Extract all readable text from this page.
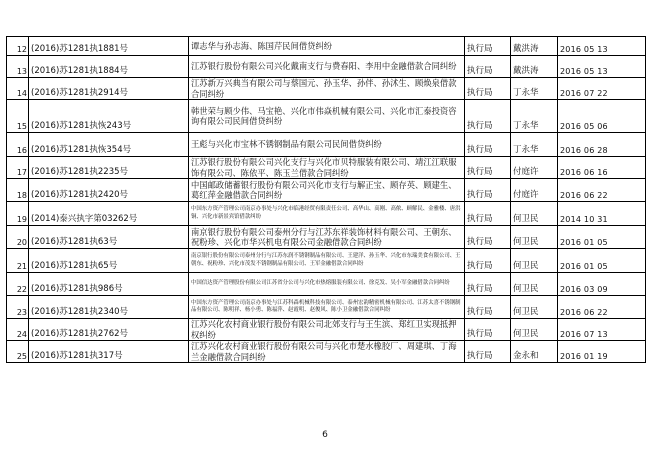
12	(2016)苏1281执1881号	谭志华与孙志海、陈国芹民间借贷纠纷	执行局	戴洪涛	2016 05 13
13	(2016)苏1281执1884号	江苏银行股份有限公司兴化戴南支行与费春阳、李用中金融借款合同纠纷	执行局	戴洪涛	2016 05 13
14	(2016)苏1281执2914号	江苏新万兴典当有限公司与蔡国元、孙玉华、孙伴、孙沭生、顾焕泉借款合同纠纷	执行局	丁永华	2016 07 22
15	(2016)苏1281执恢243号	韩世荣与顾少伟、马宝艳、兴化市伟焱机械有限公司、兴化市汇泰投资咨询有限公司民间借贷纠纷	执行局	丁永华	2016 05 06
16	(2016)苏1281执恢354号	王彪与兴化市宝林不锈钢制品有限公司民间借贷纠纷	执行局	丁永华	2016 06 28
17	(2016)苏1281执2235号	江苏银行股份有限公司兴化支行与兴化市贝特服装有限公司、靖江江联服饰有限公司、陈依平、陈玉兰借款合同纠纷	执行局	付庭许	2016 06 16
18	(2016)苏1281执2420号	中国邮政储蓄银行股份有限公司兴化市支行与解正宝、顾存英、顾建生、葛红萍金融借款合同纠纷	执行局	付庭许	2016 06 22
19	(2014)泰兴执字第03262号	中国东方资产管理公司南京办事处与兴化市临港经贸有限责任公司、高华山、高刚、高侬、顾解民、金雅楼、唐洪铜、兴化市新景宾馆借款纠纷	执行局	何卫民	2014 10 31
20	(2016)苏1281执63号	南京银行股份有限公司泰州分行与江苏东祥装饰材料有限公司、王朝东、祝粉珍、兴化市华兴机电有限公司金融借款合同纠纷	执行局	何卫民	2016 01 05
21	(2016)苏1281执65号	南京银行股份有限公司泰州分行与江苏东润不锈钢制品有限公司、王建洋、孙玉华、兴化市东瑞美食有限公司、王朝东、祝粉珍、兴化市茂发不锈钢制品有限公司、王军金融借款合同纠纷	执行局	何卫民	2016 01 05
22	(2016)苏1281执986号	中国信达资产管理股份有限公司江苏省分公司与兴化市热熔服装有限公司、徐克发、吴小军金融借款合同纠纷	执行局	何卫民	2016 03 09
23	(2016)苏1281执2340号	中国东方资产管理公司南京办事处与江苏科森机械科技有限公司、泰州宏韵精密机械有限公司、江苏太喜不锈钢制品有限公司、陈明祥、杨小勇、陈福萍、赵霞明、赵俊风、陈小卫金融借款合同纠纷	执行局	何卫民	2016 06 22
24	(2016)苏1281执2762号	江苏兴化农村商业银行股份有限公司北郊支行与王生滨、郑红卫实现抵押权纠纷	执行局	何卫民	2016 07 13
25	(2016)苏1281执317号	江苏兴化农村商业银行股份有限公司与兴化市楚水橡胶厂、周建琪、丁海兰金融借款合同纠纷	执行局	金永和	2016 01 19
6
